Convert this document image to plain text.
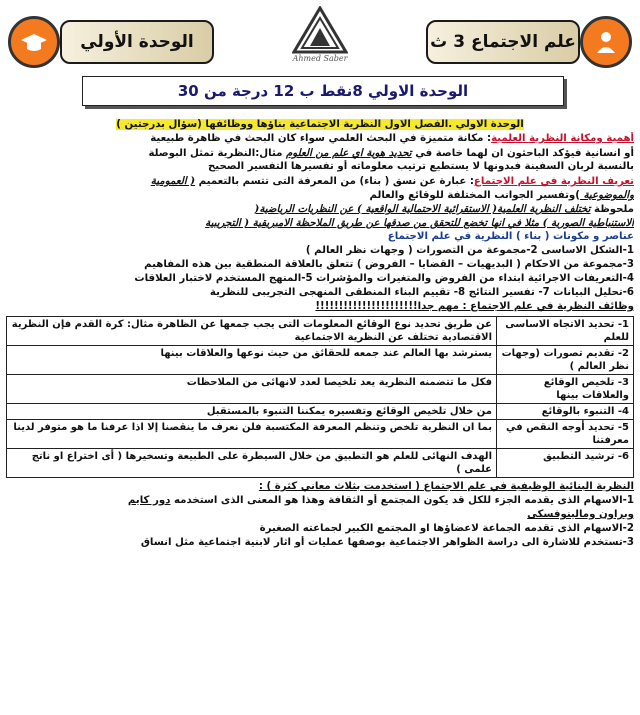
علم الاجتماع 3 ث
Ahmed Saber
الوحدة الأولي
الوحدة الاولي 8نقط ب 12 درجة من 30
الوحدة الاولي .الفصل الاول النظرية الاجتماعية بناؤها ووظائفها (سؤال بدرجتين )
أهمية ومكانة النظرية العلمية: مكانة متميزة في البحث العلمي سواء كان البحث في ظاهرة طبيعية
أو انسانية فيؤكد الباحثون ان لهما خاصة في تحديد هوية اي علم من العلوم مثال:النظرية تمثل البوصلة
بالنسبة لربان السفينة فبدونها لا يستطيع ترتيب معلوماته أو تفسيرها التفسير الصحيح
تعريف النظرية في علم الاجتماع: عبارة عن نسق ( بناء) من المعرفة التى تتسم بالتعميم ( العمومية
والموضوعية )وتفسير الجوانب المختلفة للوقائع والعالم
ملحوظة تختلف النظرية العلمية( الاستقرائية الاحتمالية الواقعية ) عن النظريات الرياضية(
الاستنباطية الصورية ) مثلا في انها تخضع للتحقق من صدقها عن طريق الملاحظة الامبريقية ( التجريبية
عناصر و مكونات ( بناء ) النظرية في علم الاجتماع
1-الشكل الاساسى 2-مجموعة من التصورات ( وجهات نظر العالم )
3-مجموعة من الاحكام ( البديهيات – القضايا – الفروض ) تتعلق بالعلاقة المنطقية بين هذه المفاهيم
4-التعريفات الاجرائية ابتداء من الفروض والمتغيرات والمؤشرات 5-المنهج المستخدم لاختبار العلاقات
6-تحليل البيانات 7- تفسير النتائج 8- تقييم البناء المنطقى المنهجى التجريبى للنظرية
وظائف النظرية في علم الاجتماع : مهم جدا!!!!!!!!!!!!!!!!!!!!!!
1- تحديد الاتجاه الاساسى للعلم	عن طريق تحديد نوع الوقائع المعلومات التى يجب جمعها عن الظاهرة مثال: كرة القدم فإن النظرية الاقتصادية تختلف عن النظرية الاجتماعية
2- تقديم تصورات (وجهات نظر العالم )	يسترشد بها العالم عند جمعه للحقائق من حيث نوعها والعلاقات بينها
3- تلخيص الوقائع والعلاقات بينها	فكل ما تتضمنه النظرية يعد تلخيصا لعدد لانهائى من الملاحظات
4- التنبوء بالوقائع	من خلال تلخيص الوقائع وتفسيره يمكننا التنبوء بالمستقبل
5- تحديد أوجه النقص في معرفتنا	بما ان النظرية تلخص وتنظم المعرفة المكتسبة فلن نعرف ما ينقصنا إلا اذا عرفنا ما هو متوفر لدينا
6- ترشيد التطبيق	الهدف النهائى للعلم هو التطبيق من خلال السيطرة على الطبيعة وتسخيرها ( أى اختراع او ناتج علمى )
النظرية البنائية الوظيفية في علم الاجتماع ( استخدمت بثلاث معاني كثرة ) :
1-الاسهام الذى يقدمه الجزء للكل قد يكون المجتمع أو الثقافة وهذا هو المعنى الذى استخدمه دور كايم
وبراون ومالينوفسكى
2-الاسهام الذى تقدمه الجماعة لاعضاؤها او المجتمع الكبير لجماعته الصغيرة
3-تستخدم للاشارة الى دراسة الظواهر الاجتماعية بوصفها عمليات أو اثار لابنية اجتماعية مثل انساق
